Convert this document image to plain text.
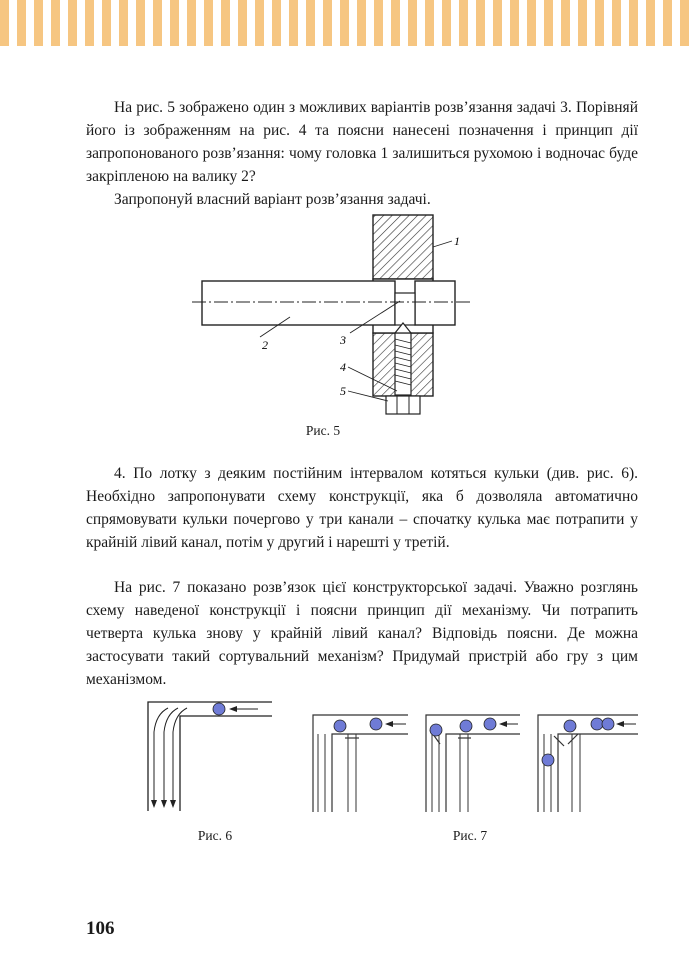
На рис. 5 зображено один з можливих варіантів розв’язання задачі 3. Порівняй його із зображенням на рис. 4 та поясни нанесені позначення і принцип дії запропонованого розв’язання: чому головка 1 залишиться рухомою і водночас буде закріпленою на валику 2?

Запропонуй власний варіант розв’язання задачі.

1
2	3
4
5
Рис. 5

4. По лотку з деяким постійним інтервалом котяться кульки (див. рис. 6). Необхідно запропонувати схему конструкції, яка б дозволяла автоматично спрямовувати кульки почергово у три канали – спочатку кулька має потрапити у крайній лівий канал, потім у другий і нарешті у третій.

На рис. 7 показано розв’язок цієї конструкторської задачі. Уважно розглянь схему наведеної конструкції і поясни принцип дії механізму. Чи потрапить четверта кулька знову у крайній лівий канал? Відповідь поясни. Де можна застосувати такий сортувальний механізм? Придумай пристрій або гру з цим механізмом.

Рис. 6	Рис. 7
106
